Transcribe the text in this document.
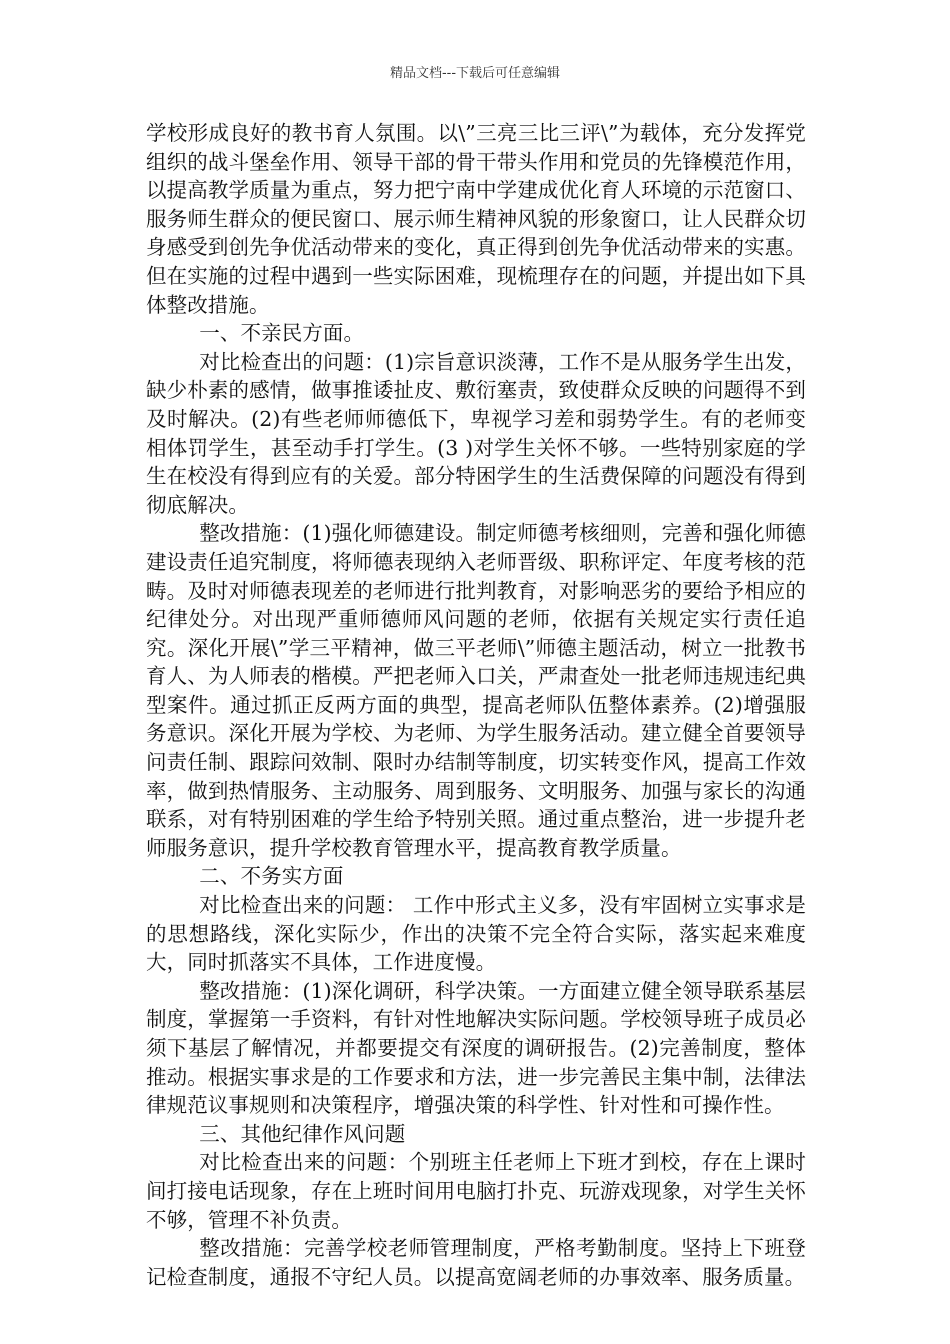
精品文档---下载后可任意编辑

学校形成良好的教书育人氛围。以\”三亮三比三评\”为载体，充分发挥党组织的战斗堡垒作用、领导干部的骨干带头作用和党员的先锋模范作用，以提高教学质量为重点，努力把宁南中学建成优化育人环境的示范窗口、服务师生群众的便民窗口、展示师生精神风貌的形象窗口，让人民群众切身感受到创先争优活动带来的变化，真正得到创先争优活动带来的实惠。但在实施的过程中遇到一些实际困难，现梳理存在的问题，并提出如下具体整改措施。

一、不亲民方面。

对比检查出的问题：(1)宗旨意识淡薄，工作不是从服务学生出发，缺少朴素的感情，做事推诿扯皮、敷衍塞责，致使群众反映的问题得不到及时解决。(2)有些老师师德低下，卑视学习差和弱势学生。有的老师变相体罚学生，甚至动手打学生。(3 )对学生关怀不够。一些特别家庭的学生在校没有得到应有的关爱。部分特困学生的生活费保障的问题没有得到彻底解决。

整改措施：(1)强化师德建设。制定师德考核细则，完善和强化师德建设责任追究制度，将师德表现纳入老师晋级、职称评定、年度考核的范畴。及时对师德表现差的老师进行批判教育，对影响恶劣的要给予相应的纪律处分。对出现严重师德师风问题的老师，依据有关规定实行责任追究。深化开展\”学三平精神，做三平老师\”师德主题活动，树立一批教书育人、为人师表的楷模。严把老师入口关，严肃查处一批老师违规违纪典型案件。通过抓正反两方面的典型，提高老师队伍整体素养。(2)增强服务意识。深化开展为学校、为老师、为学生服务活动。建立健全首要领导问责任制、跟踪问效制、限时办结制等制度，切实转变作风，提高工作效率，做到热情服务、主动服务、周到服务、文明服务、加强与家长的沟通联系，对有特别困难的学生给予特别关照。通过重点整治，进一步提升老师服务意识，提升学校教育管理水平，提高教育教学质量。

二、不务实方面

对比检查出来的问题： 工作中形式主义多，没有牢固树立实事求是的思想路线，深化实际少，作出的决策不完全符合实际，落实起来难度大，同时抓落实不具体，工作进度慢。

整改措施：(1)深化调研，科学决策。一方面建立健全领导联系基层制度，掌握第一手资料，有针对性地解决实际问题。学校领导班子成员必须下基层了解情况，并都要提交有深度的调研报告。(2)完善制度，整体推动。根据实事求是的工作要求和方法，进一步完善民主集中制，法律法律规范议事规则和决策程序，增强决策的科学性、针对性和可操作性。

三、其他纪律作风问题

对比检查出来的问题：个别班主任老师上下班才到校，存在上课时间打接电话现象，存在上班时间用电脑打扑克、玩游戏现象，对学生关怀不够，管理不补负责。

整改措施：完善学校老师管理制度，严格考勤制度。坚持上下班登记检查制度，通报不守纪人员。以提高宽阔老师的办事效率、服务质量。
